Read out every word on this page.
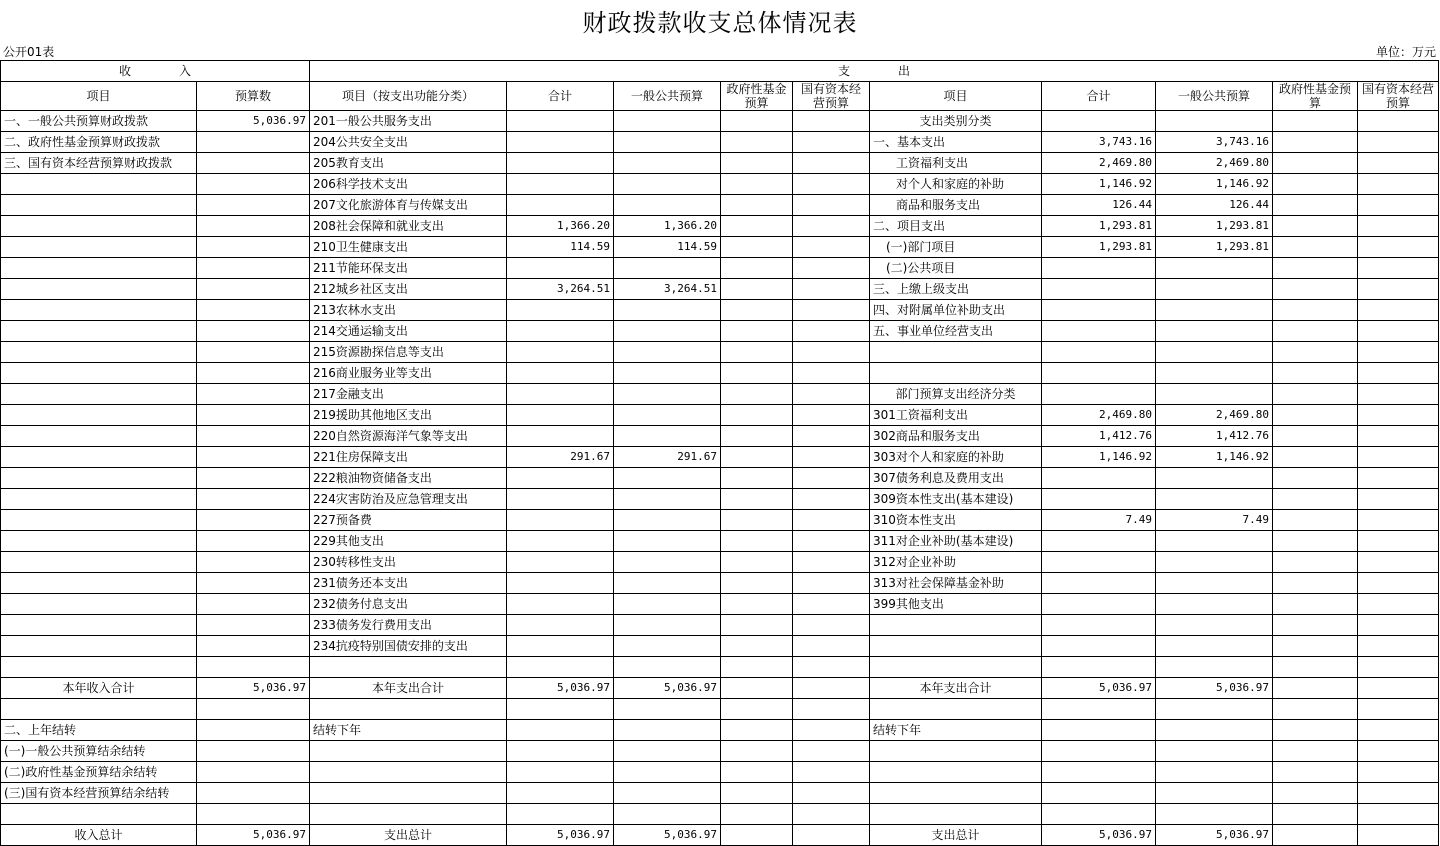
财政拨款收支总体情况表
公开01表	单位：万元
收　　　　入		支　　　　出									
项目	预算数	项目（按支出功能分类）	合计	一般公共预算	政府性基金预算	国有资本经营预算	项目	合计	一般公共预算	政府性基金预算	国有资本经营预算
一、一般公共预算财政拨款	5,036.97	201一般公共服务支出					支出类别分类				
二、政府性基金预算财政拨款		204公共安全支出					一、基本支出	3,743.16	3,743.16		
三、国有资本经营预算财政拨款		205教育支出					工资福利支出	2,469.80	2,469.80		
		206科学技术支出					对个人和家庭的补助	1,146.92	1,146.92		
		207文化旅游体育与传媒支出					商品和服务支出	126.44	126.44		
		208社会保障和就业支出	1,366.20	1,366.20			二、项目支出	1,293.81	1,293.81		
		210卫生健康支出	114.59	114.59			(一)部门项目	1,293.81	1,293.81		
		211节能环保支出					(二)公共项目				
		212城乡社区支出	3,264.51	3,264.51			三、上缴上级支出				
		213农林水支出					四、对附属单位补助支出				
		214交通运输支出					五、事业单位经营支出				
		215资源勘探信息等支出									
		216商业服务业等支出									
		217金融支出					部门预算支出经济分类				
		219援助其他地区支出					301工资福利支出	2,469.80	2,469.80		
		220自然资源海洋气象等支出					302商品和服务支出	1,412.76	1,412.76		
		221住房保障支出	291.67	291.67			303对个人和家庭的补助	1,146.92	1,146.92		
		222粮油物资储备支出					307债务利息及费用支出				
		224灾害防治及应急管理支出					309资本性支出(基本建设)				
		227预备费					310资本性支出	7.49	7.49		
		229其他支出					311对企业补助(基本建设)				
		230转移性支出					312对企业补助				
		231债务还本支出					313对社会保障基金补助				
		232债务付息支出					399其他支出				
		233债务发行费用支出									
		234抗疫特别国债安排的支出									

本年收入合计	5,036.97	本年支出合计	5,036.97	5,036.97			本年支出合计	5,036.97	5,036.97		

二、上年结转		结转下年					结转下年				
(一)一般公共预算结余结转											
(二)政府性基金预算结余结转											
(三)国有资本经营预算结余结转											

收入总计	5,036.97	支出总计	5,036.97	5,036.97			支出总计	5,036.97	5,036.97		
